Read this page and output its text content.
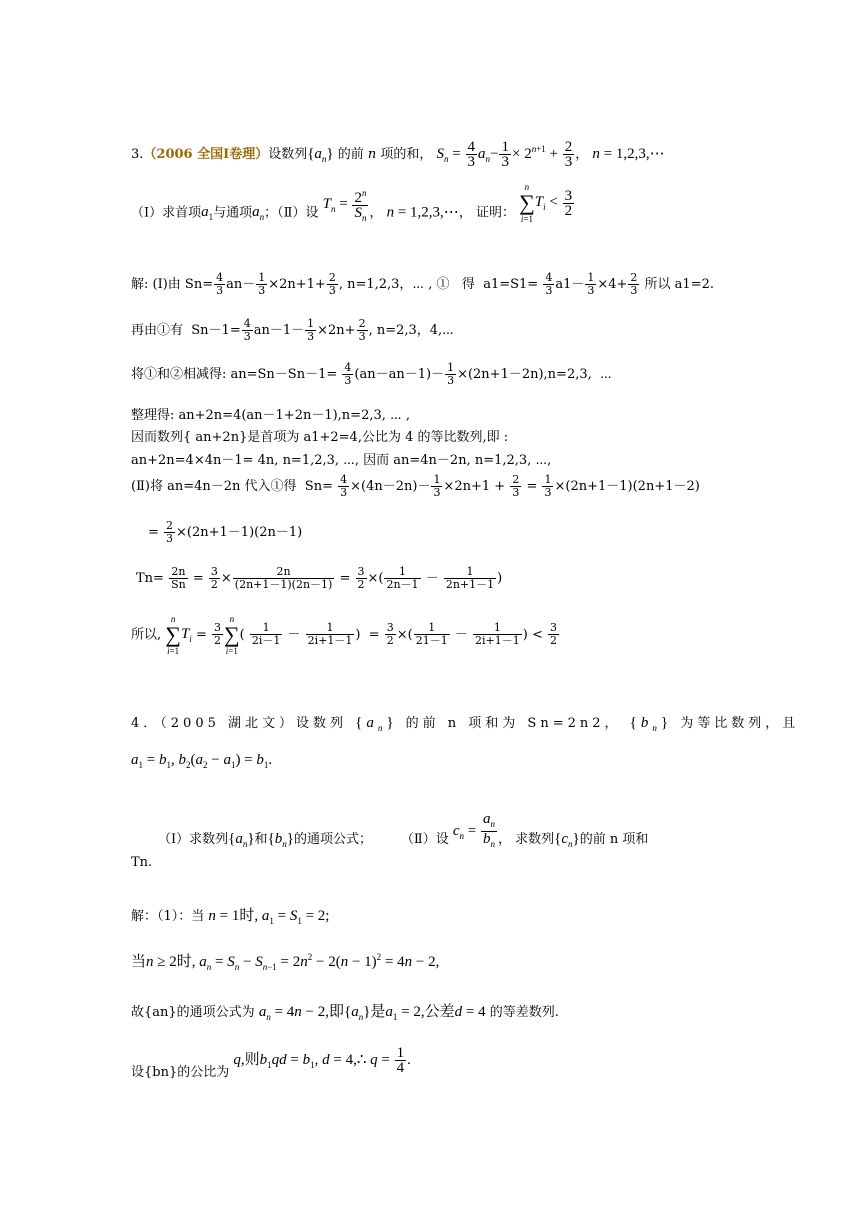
3.（2006 全国Ⅰ卷理）设数列$\{a_n\}$ 的前 n 项的和， $S_n = \frac{4}{3} a_n- \frac{1}{3} \times 2^{n+1} + \frac{2}{3}$ ， n = 1,2,3,⋯
（Ⅰ）求首项$a_1$与通项$a_n$；（Ⅱ）设 $T_n = \frac{2^n}{S_n}$ ， n = 1,2,3,⋯， 证明：
n
∑
i=1
$T_i < \frac{3}{2}$
解: (Ⅰ)由 $Sn= \frac{4}{3} an- \frac{1}{3} \times 2n+1+ \frac{2}{3}$ , n=1,2,3，⋯ , ①   得  $a1=S1= \frac{4}{3} a1- \frac{1}{3} \times 4+ \frac{2}{3}$ 所以 a1=2.
再由①有  $Sn-1= \frac{4}{3} an-1- \frac{1}{3} \times 2n+ \frac{2}{3}$ , n=2,3，4,⋯
将①和②相减得: $an=Sn-Sn-1= \frac{4}{3} (an-an-1)- \frac{1}{3} \times(2n+1-2n),n=2,3$,  ⋯
整理得: an+2n=4(an－1+2n－1),n=2,3, ⋯ ,
因而数列{ an+2n}是首项为 a1+2=4,公比为 4 的等比数列,即 :
an+2n=4×4n－1= 4n, n=1,2,3, ⋯, 因而 an=4n－2n, n=1,2,3, ⋯,
(Ⅱ)将 an=4n－2n 代入①得  $Sn= \frac{4}{3} \times(4n-2n)- \frac{1}{3} \times 2n+1 + \frac{2}{3} = \frac{1}{3} \times(2n+1-1)(2n+1-2)$
= $\frac{2}{3} \times(2n+1-1)(2n-1)$
$Tn= \frac{2n}{Sn} = \frac{3}{2} \times \frac{2n}{(2n+1-1)(2n-1)} = \frac{3}{2}$ ×( $\frac{1}{2n-1} - \frac{1}{2n+1-1}$ )
所以,
n
∑
i=1
$T_i = \frac{3}{2}$
n
∑
i=1
( $\frac{1}{2i-1} - \frac{1}{2i+1-1}$ )  = $\frac{3}{2}$ ×( $\frac{1}{21-1} - \frac{1}{2i+1-1}$ ) < $\frac{3}{2}$
4．（2005 湖北文）设数列 $\{a_n\}$ 的前 n 项和为 Sn=2n2， $\{b_n\}$ 为等比数列，且
$a_1 = b_1$, $b_2(a_2 - a_1) = b_1$.
（Ⅰ）求数列$\{a_n\}$和$\{b_n\}$的通项公式；       （Ⅱ）设 $c_n = \frac{a_n}{b_n}$ ， 求数列$\{c_n\}$的前 n 项和
Tn.
解：（1）：当 n = 1时, $a_1 = S_1 = 2$;
当n ≥ 2时, $a_n = S_n - S_{n-1} = 2n^2 - 2(n - 1)^2 = 4n - 2$,
故{an}的通项公式为 $a_n = 4n - 2$,即$\{a_n\}$是$a_1 = 2$,公差d = 4 的等差数列.
设{bn}的公比为 q,则$b_1qd = b_1$, d = 4,∴ $q = \frac{1}{4}$ .
